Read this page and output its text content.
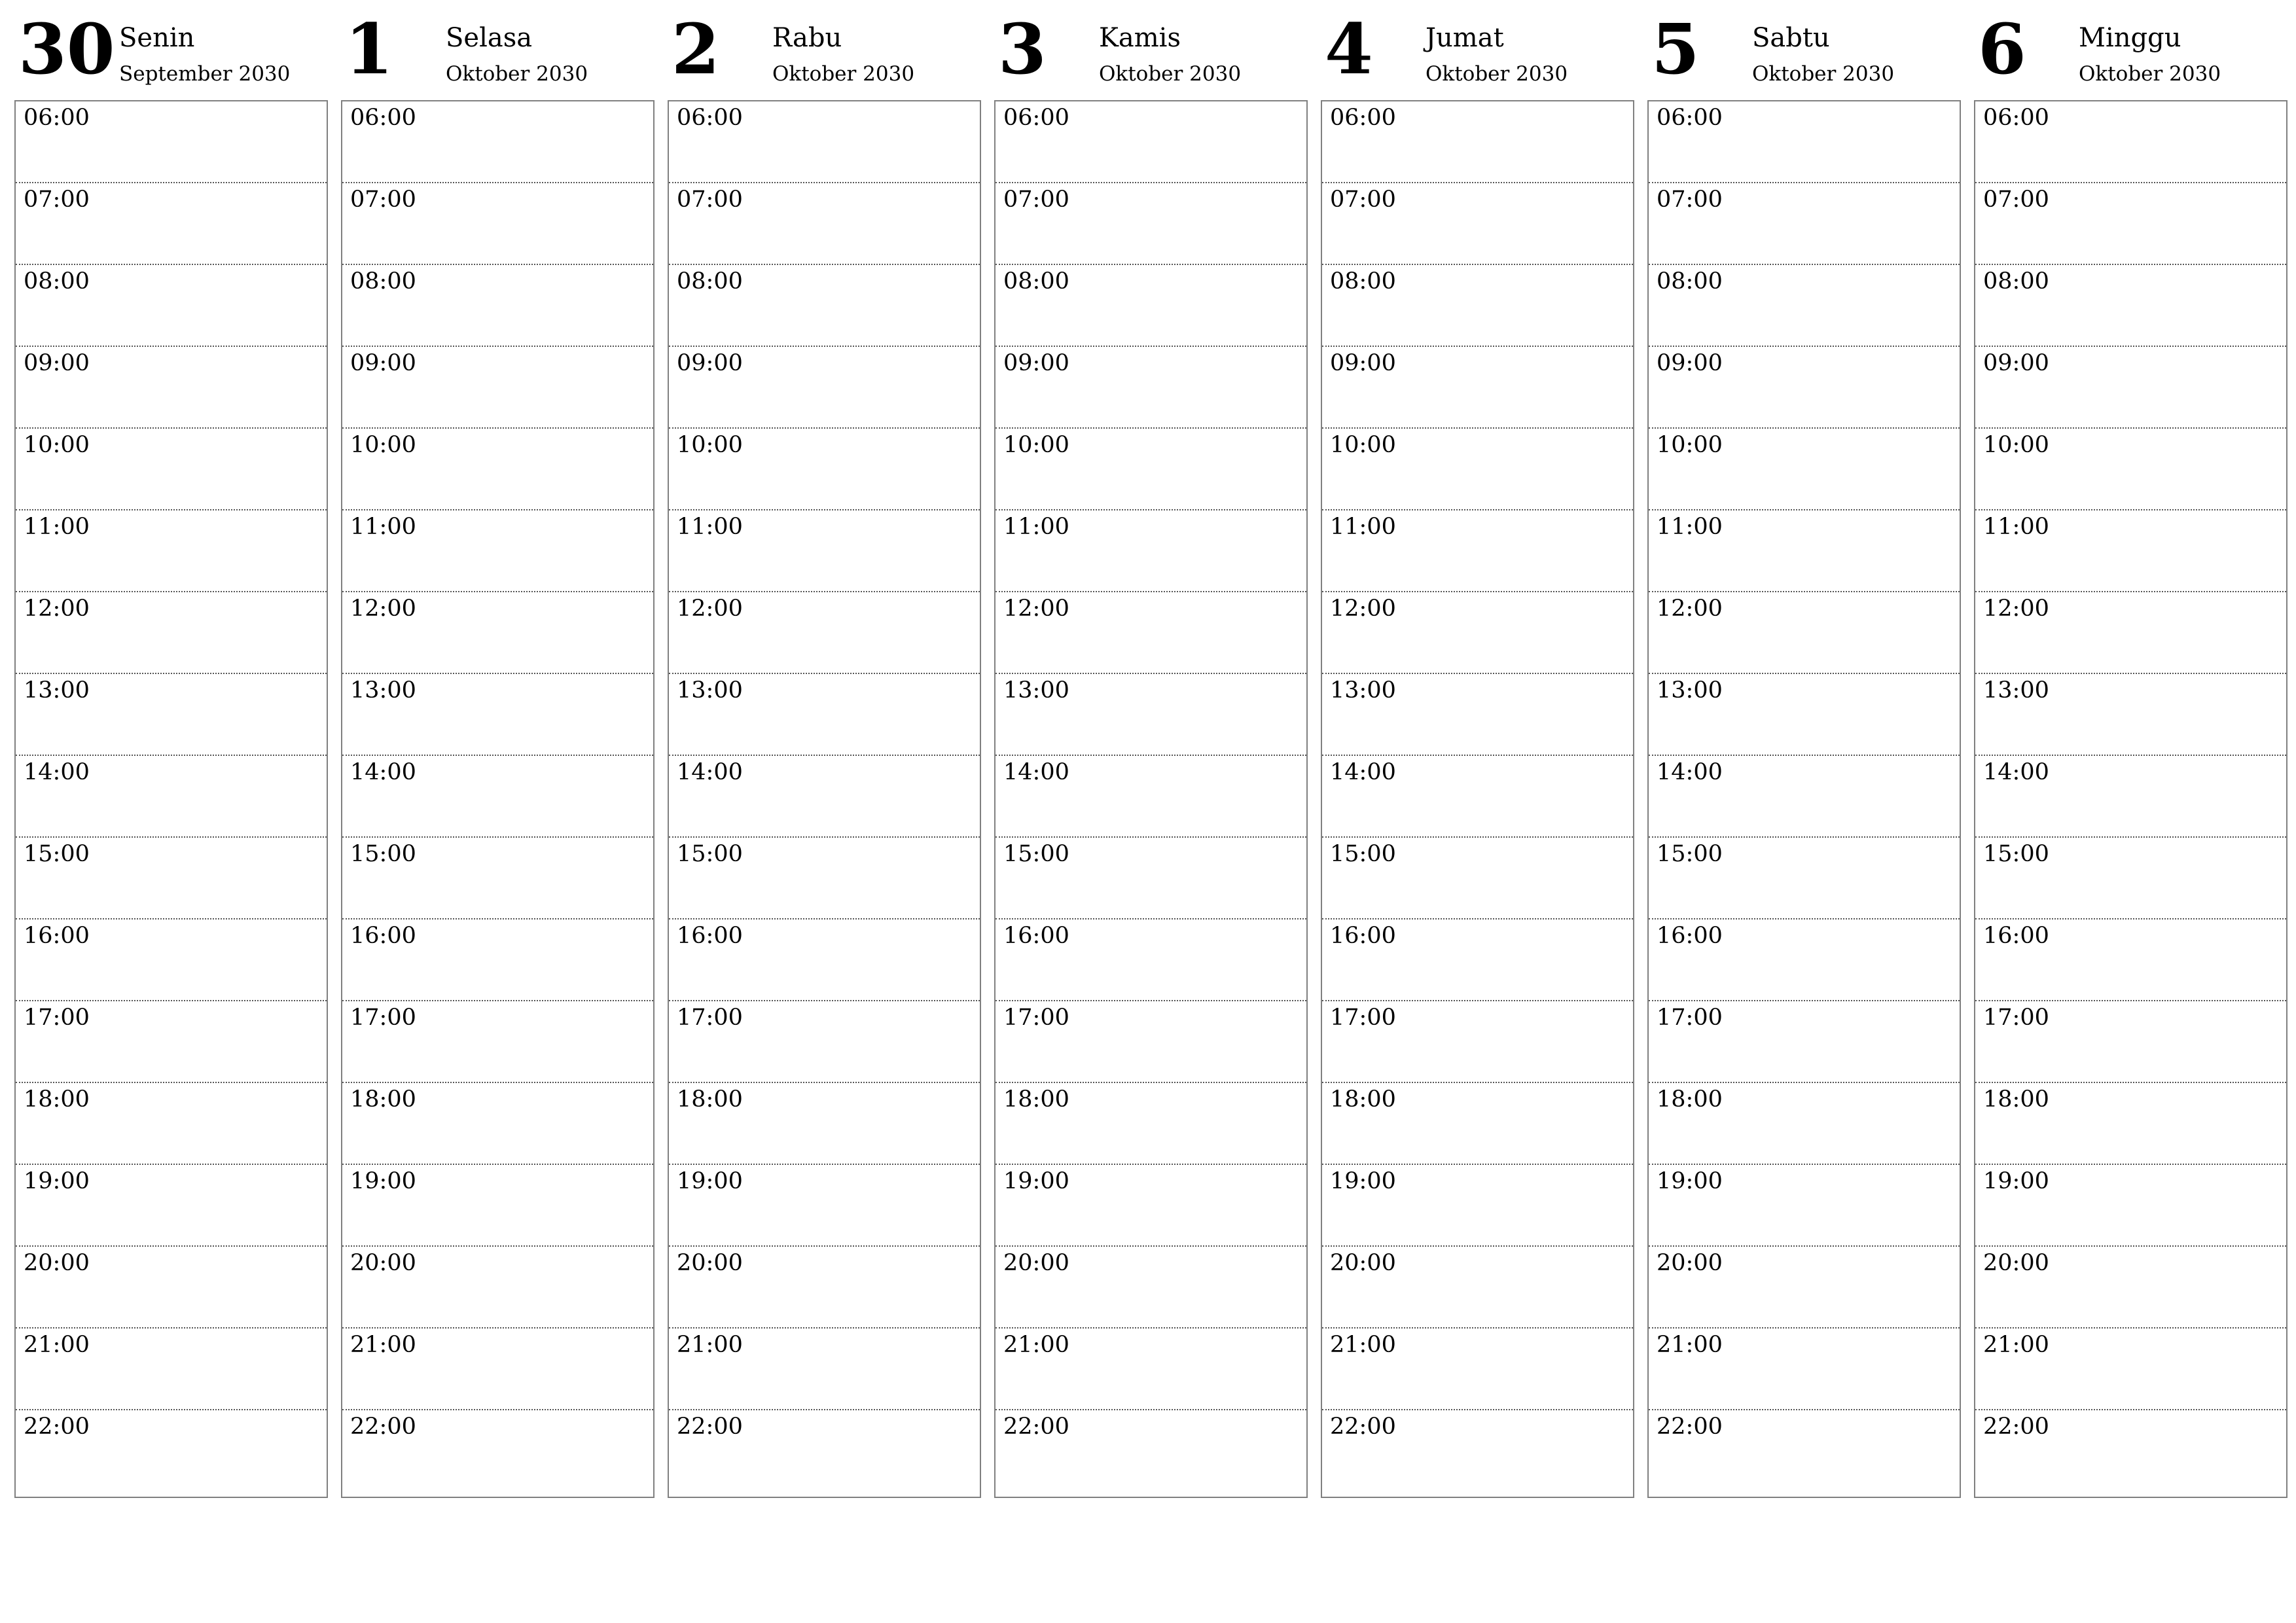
30 Senin
September 2030
06:00
07:00
08:00
09:00
10:00
11:00
12:00
13:00
14:00
15:00
16:00
17:00
18:00
19:00
20:00
21:00
22:00
1 Selasa
Oktober 2030
06:00
07:00
08:00
09:00
10:00
11:00
12:00
13:00
14:00
15:00
16:00
17:00
18:00
19:00
20:00
21:00
22:00
2 Rabu
Oktober 2030
06:00
07:00
08:00
09:00
10:00
11:00
12:00
13:00
14:00
15:00
16:00
17:00
18:00
19:00
20:00
21:00
22:00
3 Kamis
Oktober 2030
06:00
07:00
08:00
09:00
10:00
11:00
12:00
13:00
14:00
15:00
16:00
17:00
18:00
19:00
20:00
21:00
22:00
4 Jumat
Oktober 2030
06:00
07:00
08:00
09:00
10:00
11:00
12:00
13:00
14:00
15:00
16:00
17:00
18:00
19:00
20:00
21:00
22:00
5 Sabtu
Oktober 2030
06:00
07:00
08:00
09:00
10:00
11:00
12:00
13:00
14:00
15:00
16:00
17:00
18:00
19:00
20:00
21:00
22:00
6 Minggu
Oktober 2030
06:00
07:00
08:00
09:00
10:00
11:00
12:00
13:00
14:00
15:00
16:00
17:00
18:00
19:00
20:00
21:00
22:00
